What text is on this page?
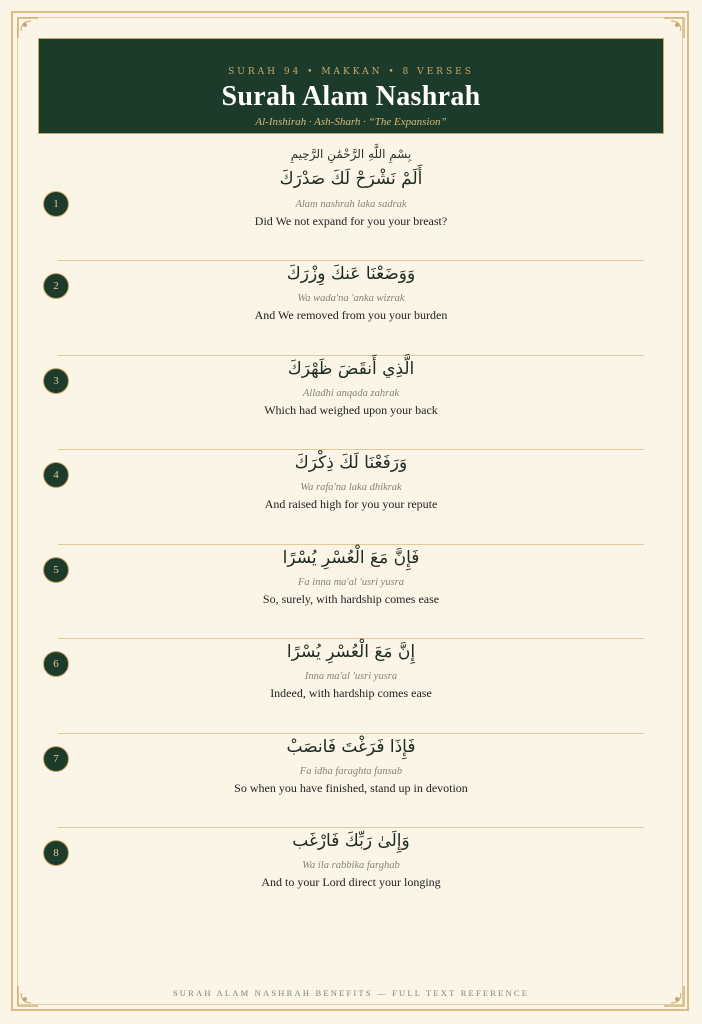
SURAH 94 • MAKKAN • 8 VERSES
Surah Alam Nashrah
Al-Inshirah · Ash-Sharh · “The Expansion”
بِسْمِ اللَّهِ الرَّحْمَٰنِ الرَّحِيمِ
1
أَلَمْ نَشْرَحْ لَكَ صَدْرَكَ
Alam nashrah laka sadrak
Did We not expand for you your breast?
2
وَوَضَعْنَا عَنكَ وِزْرَكَ
Wa wada'na 'anka wizrak
And We removed from you your burden
3
الَّذِي أَنقَضَ ظَهْرَكَ
Alladhi anqada zahrak
Which had weighed upon your back
4
وَرَفَعْنَا لَكَ ذِكْرَكَ
Wa rafa'na laka dhikrak
And raised high for you your repute
5
فَإِنَّ مَعَ الْعُسْرِ يُسْرًا
Fa inna ma'al 'usri yusra
So, surely, with hardship comes ease
6
إِنَّ مَعَ الْعُسْرِ يُسْرًا
Inna ma'al 'usri yusra
Indeed, with hardship comes ease
7
فَإِذَا فَرَغْتَ فَانصَبْ
Fa idha faraghta fansab
So when you have finished, stand up in devotion
8
وَإِلَىٰ رَبِّكَ فَارْغَب
Wa ila rabbika farghab
And to your Lord direct your longing
SURAH ALAM NASHRAH BENEFITS — FULL TEXT REFERENCE
